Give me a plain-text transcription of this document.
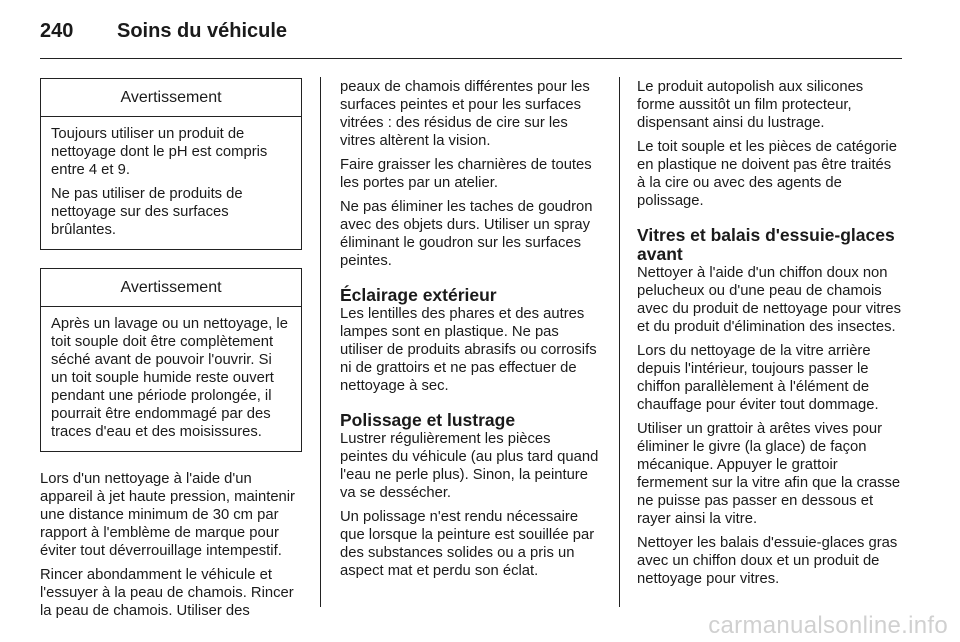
240 Soins du véhicule
Avertissement

Toujours utiliser un produit de nettoyage dont le pH est compris entre 4 et 9.

Ne pas utiliser de produits de nettoyage sur des surfaces brûlantes.

Avertissement

Après un lavage ou un nettoyage, le toit souple doit être complètement séché avant de pouvoir l'ouvrir. Si un toit souple humide reste ouvert pendant une période prolongée, il pourrait être endommagé par des traces d'eau et des moisissures.

Lors d'un nettoyage à l'aide d'un appareil à jet haute pression, maintenir une distance minimum de 30 cm par rapport à l'emblème de marque pour éviter tout déverrouillage intempestif.

Rincer abondamment le véhicule et l'essuyer à la peau de chamois. Rincer la peau de chamois. Utiliser des

peaux de chamois différentes pour les surfaces peintes et pour les surfaces vitrées : des résidus de cire sur les vitres altèrent la vision.

Faire graisser les charnières de toutes les portes par un atelier.

Ne pas éliminer les taches de goudron avec des objets durs. Utiliser un spray éliminant le goudron sur les surfaces peintes.

Éclairage extérieur

Les lentilles des phares et des autres lampes sont en plastique. Ne pas utiliser de produits abrasifs ou corrosifs ni de grattoirs et ne pas effectuer de nettoyage à sec.

Polissage et lustrage

Lustrer régulièrement les pièces peintes du véhicule (au plus tard quand l'eau ne perle plus). Sinon, la peinture va se dessécher.

Un polissage n'est rendu nécessaire que lorsque la peinture est souillée par des substances solides ou a pris un aspect mat et perdu son éclat.

Le produit autopolish aux silicones forme aussitôt un film protecteur, dispensant ainsi du lustrage.

Le toit souple et les pièces de catégorie en plastique ne doivent pas être traités à la cire ou avec des agents de polissage.

Vitres et balais d'essuie-glaces avant

Nettoyer à l'aide d'un chiffon doux non pelucheux ou d'une peau de chamois avec du produit de nettoyage pour vitres et du produit d'élimination des insectes.

Lors du nettoyage de la vitre arrière depuis l'intérieur, toujours passer le chiffon parallèlement à l'élément de chauffage pour éviter tout dommage.

Utiliser un grattoir à arêtes vives pour éliminer le givre (la glace) de façon mécanique. Appuyer le grattoir fermement sur la vitre afin que la crasse ne puisse pas passer en dessous et rayer ainsi la vitre.

Nettoyer les balais d'essuie-glaces gras avec un chiffon doux et un produit de nettoyage pour vitres.

carmanualsonline.info
